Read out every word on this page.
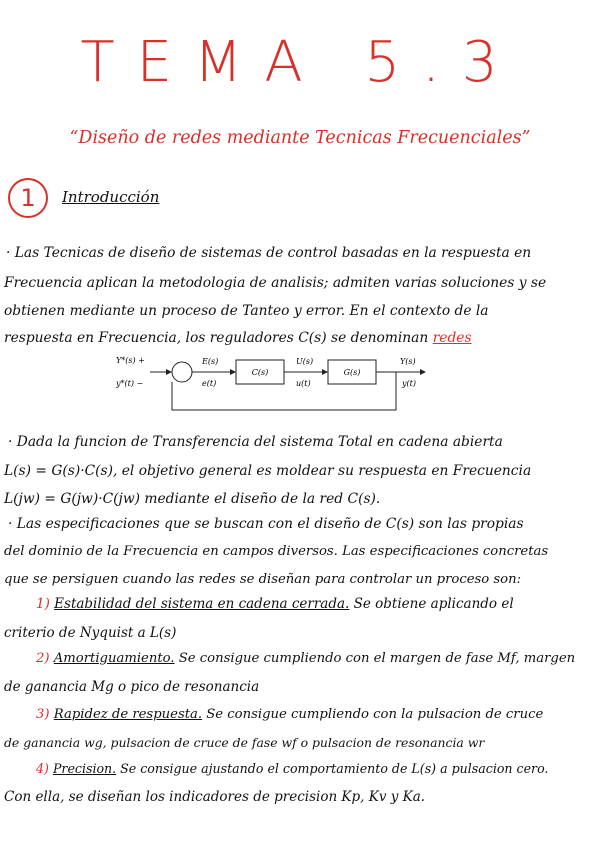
TEMA 5.3
“Diseño de redes mediante Tecnicas Frecuenciales”
1	Introducción
· Las Tecnicas de diseño de sistemas de control basadas en la respuesta en
Frecuencia aplican la metodologia de analisis; admiten varias soluciones y se
obtienen mediante un proceso de Tanteo y error. En el contexto de la
respuesta en Frecuencia, los reguladores C(s) se denominan redes
Y*(s) +
y*(t) −
E(s)
e(t)
C(s)
U(s)
u(t)
G(s)
Y(s)
y(t)
· Dada la funcion de Transferencia del sistema Total en cadena abierta
L(s) = G(s)·C(s), el objetivo general es moldear su respuesta en Frecuencia
L(jw) = G(jw)·C(jw) mediante el diseño de la red C(s).
· Las especificaciones que se buscan con el diseño de C(s) son las propias
del dominio de la Frecuencia en campos diversos. Las especificaciones concretas
que se persiguen cuando las redes se diseñan para controlar un proceso son:
1) Estabilidad del sistema en cadena cerrada. Se obtiene aplicando el
criterio de Nyquist a L(s)
2) Amortiguamiento. Se consigue cumpliendo con el margen de fase Mf, margen
de ganancia Mg o pico de resonancia
3) Rapidez de respuesta. Se consigue cumpliendo con la pulsacion de cruce
de ganancia wg, pulsacion de cruce de fase wf o pulsacion de resonancia wr
4) Precision. Se consigue ajustando el comportamiento de L(s) a pulsacion cero.
Con ella, se diseñan los indicadores de precision Kp, Kv y Ka.
